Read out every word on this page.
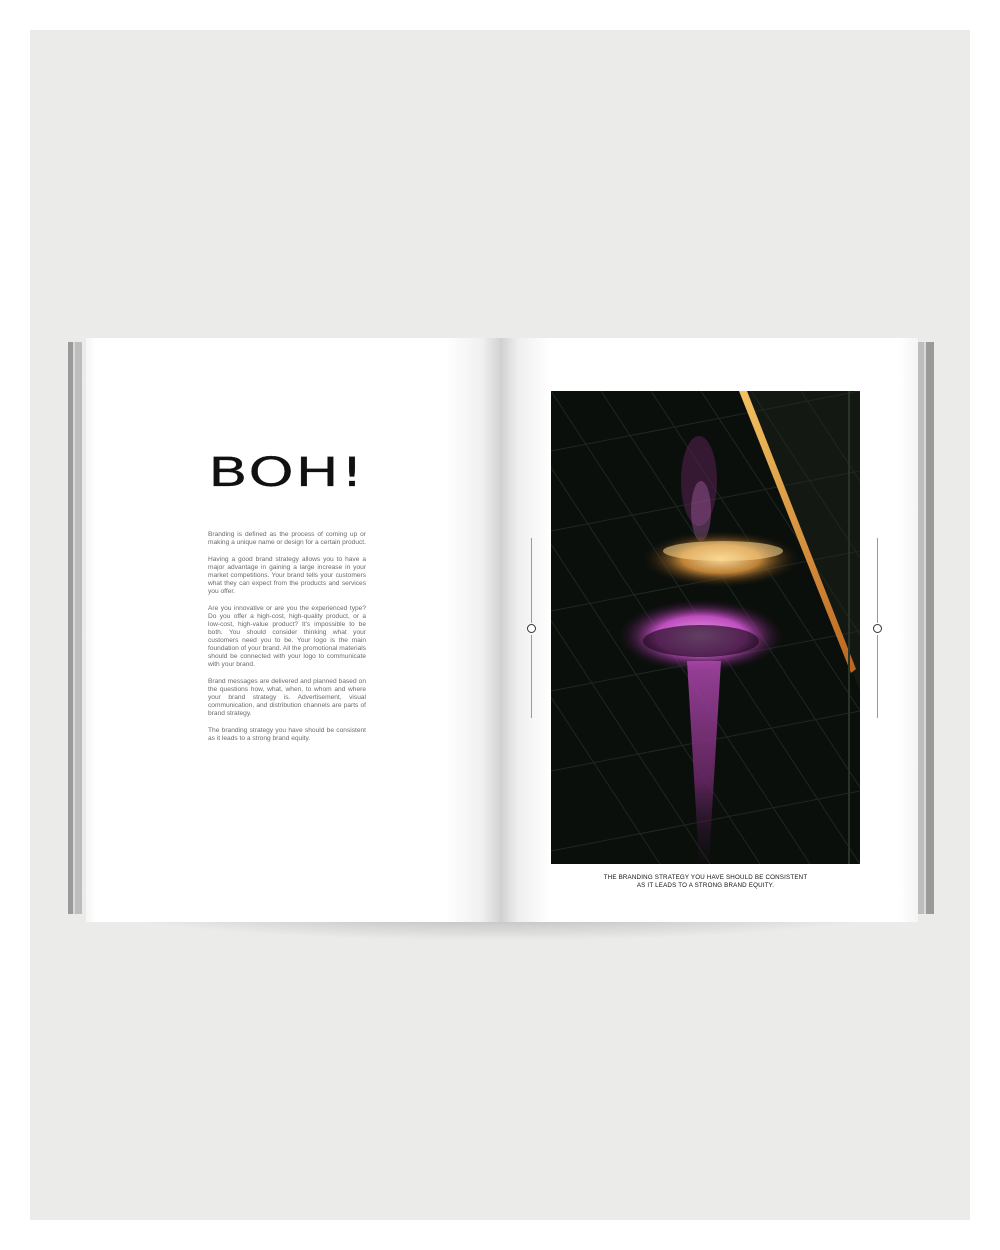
BOH!

Branding is defined as the process of coming up or making a unique name or design for a certain product.

Having a good brand strategy allows you to have a major advantage in gaining a large increase in your market competitions. Your brand tells your customers what they can expect from the products and services you offer.

Are you innovative or are you the experienced type? Do you offer a high-cost, high-quality product, or a low-cost, high-value product? It's impossible to be both. You should consider thinking what your customers need you to be. Your logo is the main foundation of your brand. All the promotional materials should be connected with your logo to communicate with your brand.

Brand messages are delivered and planned based on the questions how, what, when, to whom and where your brand strategy is. Advertisement, visual communication, and distribution channels are parts of brand strategy.

The branding strategy you have should be consistent as it leads to a strong brand equity.

THE BRANDING STRATEGY YOU HAVE SHOULD BE CONSISTENT
AS IT LEADS TO A STRONG BRAND EQUITY.
